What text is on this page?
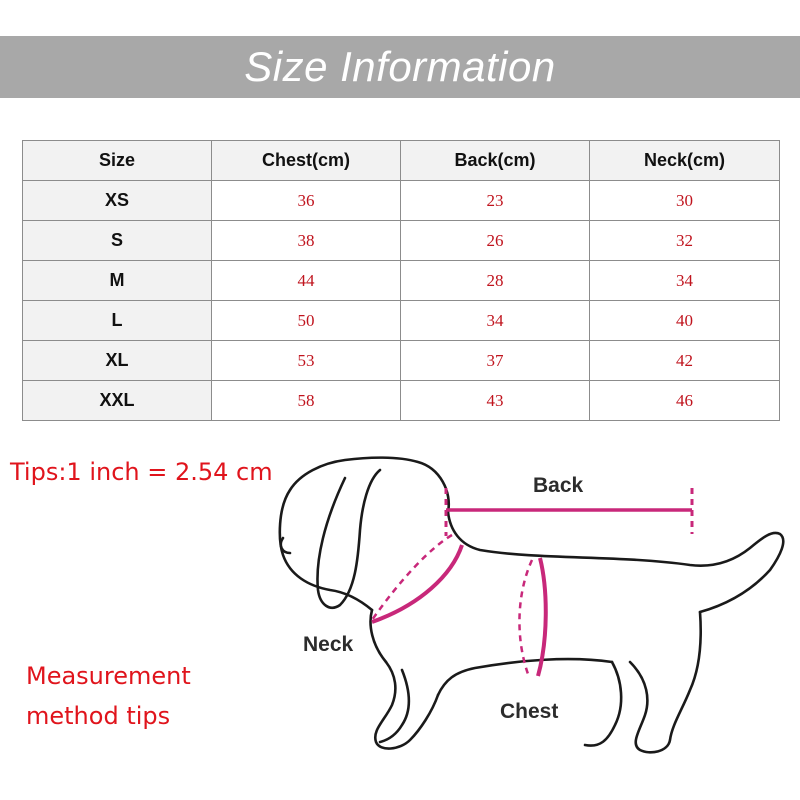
Size Information
Size	Chest(cm)	Back(cm)	Neck(cm)
XS	36	23	30
S	38	26	32
M	44	28	34
L	50	34	40
XL	53	37	42
XXL	58	43	46
Tips:1 inch = 2.54 cm
Measurement
method tips
Back
Neck
Chest
